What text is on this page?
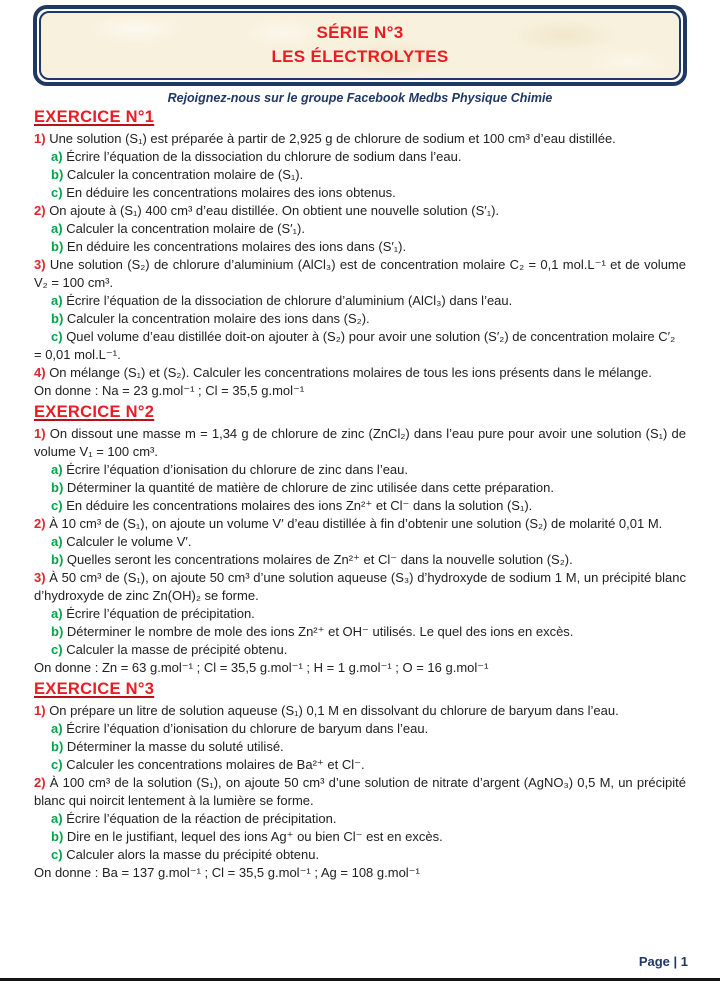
SÉRIE N°3
LES ÉLECTROLYTES
Rejoignez-nous sur le groupe Facebook Medbs Physique Chimie
EXERCICE N°1

1) Une solution (S₁) est préparée à partir de 2,925 g de chlorure de sodium et 100 cm³ d’eau distillée.

a) Écrire l’équation de la dissociation du chlorure de sodium dans l’eau.

b) Calculer la concentration molaire de (S₁).

c) En déduire les concentrations molaires des ions obtenus.

2) On ajoute à (S₁) 400 cm³ d’eau distillée. On obtient une nouvelle solution (S′₁).

a) Calculer la concentration molaire de (S′₁).

b) En déduire les concentrations molaires des ions dans (S′₁).

3) Une solution (S₂) de chlorure d’aluminium (AlCl₃) est de concentration molaire C₂ = 0,1 mol.L⁻¹ et de volume V₂ = 100 cm³.

a) Écrire l’équation de la dissociation de chlorure d’aluminium (AlCl₃) dans l’eau.

b) Calculer la concentration molaire des ions dans (S₂).

c) Quel volume d’eau distillée doit-on ajouter à (S₂) pour avoir une solution (S′₂) de concentration molaire C′₂ = 0,01 mol.L⁻¹.

4) On mélange (S₁) et (S₂). Calculer les concentrations molaires de tous les ions présents dans le mélange.

On donne : Na = 23 g.mol⁻¹ ; Cl = 35,5 g.mol⁻¹

EXERCICE N°2

1) On dissout une masse m = 1,34 g de chlorure de zinc (ZnCl₂) dans l’eau pure pour avoir une solution (S₁) de volume V₁ = 100 cm³.

a) Écrire l’équation d’ionisation du chlorure de zinc dans l’eau.

b) Déterminer la quantité de matière de chlorure de zinc utilisée dans cette préparation.

c) En déduire les concentrations molaires des ions Zn²⁺ et Cl⁻ dans la solution (S₁).

2) À 10 cm³ de (S₁), on ajoute un volume V′ d’eau distillée à fin d’obtenir une solution (S₂) de molarité 0,01 M.

a) Calculer le volume V′.

b) Quelles seront les concentrations molaires de Zn²⁺ et Cl⁻ dans la nouvelle solution (S₂).

3) À 50 cm³ de (S₁), on ajoute 50 cm³ d’une solution aqueuse (S₃) d’hydroxyde de sodium 1 M, un précipité blanc d’hydroxyde de zinc Zn(OH)₂ se forme.

a) Écrire l’équation de précipitation.

b) Déterminer le nombre de mole des ions Zn²⁺ et OH⁻ utilisés. Le quel des ions en excès.

c) Calculer la masse de précipité obtenu.

On donne : Zn = 63 g.mol⁻¹ ; Cl = 35,5 g.mol⁻¹ ; H = 1 g.mol⁻¹ ; O = 16 g.mol⁻¹

EXERCICE N°3

1) On prépare un litre de solution aqueuse (S₁) 0,1 M en dissolvant du chlorure de baryum dans l’eau.

a) Écrire l’équation d’ionisation du chlorure de baryum dans l’eau.

b) Déterminer la masse du soluté utilisé.

c) Calculer les concentrations molaires de Ba²⁺ et Cl⁻.

2) À 100 cm³ de la solution (S₁), on ajoute 50 cm³ d’une solution de nitrate d’argent (AgNO₃) 0,5 M, un précipité blanc qui noircit lentement à la lumière se forme.

a) Écrire l’équation de la réaction de précipitation.

b) Dire en le justifiant, lequel des ions Ag⁺ ou bien Cl⁻ est en excès.

c) Calculer alors la masse du précipité obtenu.

On donne : Ba = 137 g.mol⁻¹ ; Cl = 35,5 g.mol⁻¹ ; Ag = 108 g.mol⁻¹

Page | 1
